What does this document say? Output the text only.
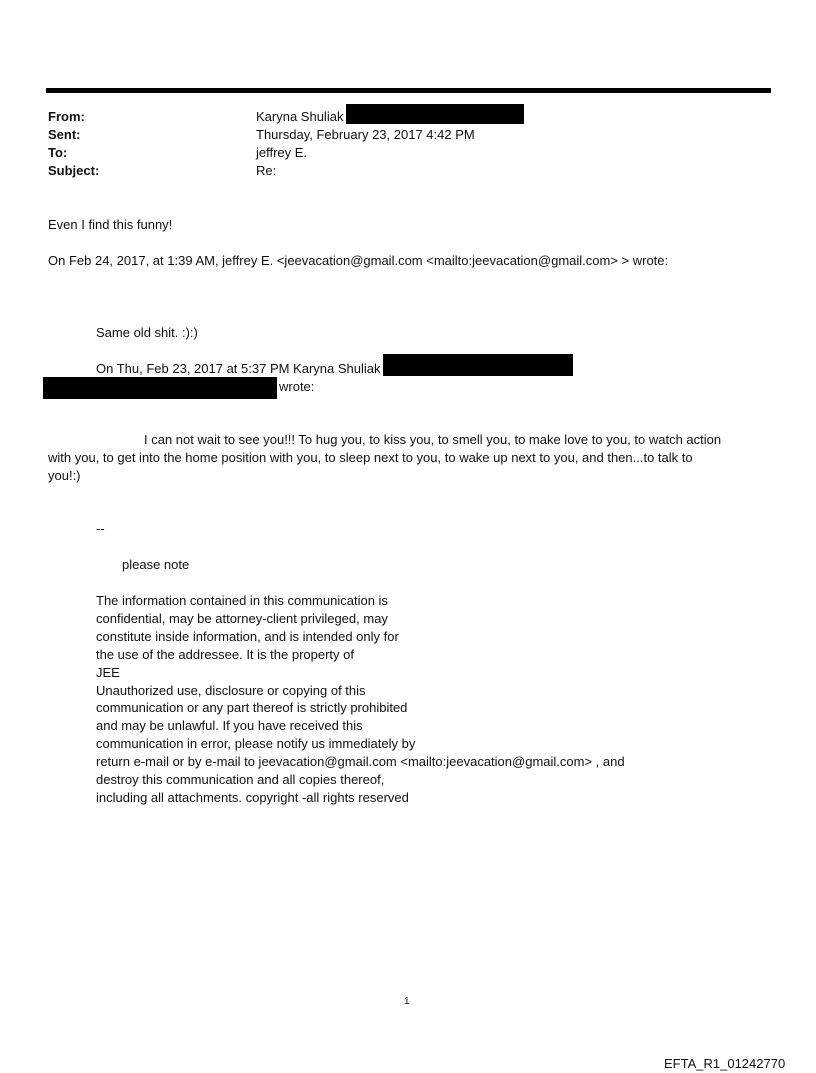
From:	Karyna Shuliak
Sent:	Thursday, February 23, 2017 4:42 PM
To:	jeffrey E.
Subject:	Re:
Even I find this funny!
On Feb 24, 2017, at 1:39 AM, jeffrey E. <jeevacation@gmail.com <mailto:jeevacation@gmail.com> > wrote:
Same old shit. :):)
On Thu, Feb 23, 2017 at 5:37 PM Karyna Shuliak
wrote:
I can not wait to see you!!! To hug you, to kiss you, to smell you, to make love to you, to watch action
with you, to get into the home position with you, to sleep next to you, to wake up next to you, and then...to talk to
you!:)
--
please note
The information contained in this communication is
confidential, may be attorney-client privileged, may
constitute inside information, and is intended only for
the use of the addressee. It is the property of
JEE
Unauthorized use, disclosure or copying of this
communication or any part thereof is strictly prohibited
and may be unlawful. If you have received this
communication in error, please notify us immediately by
return e-mail or by e-mail to jeevacation@gmail.com <mailto:jeevacation@gmail.com> , and
destroy this communication and all copies thereof,
including all attachments. copyright -all rights reserved
1
EFTA_R1_01242770
